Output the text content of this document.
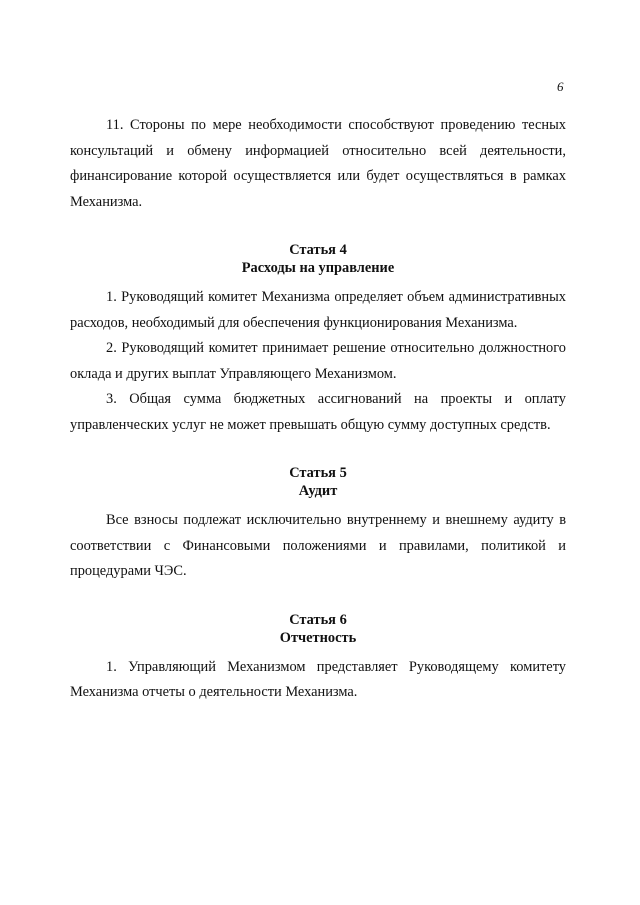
6

11. Стороны по мере необходимости способствуют проведению тесных консультаций и обмену информацией относительно всей деятельности, финансирование которой осуществляется или будет осуществляться в рамках Механизма.

Статья 4

Расходы на управление

1. Руководящий комитет Механизма определяет объем административных расходов, необходимый для обеспечения функционирования Механизма.

2. Руководящий комитет принимает решение относительно должностного оклада и других выплат Управляющего Механизмом.

3. Общая сумма бюджетных ассигнований на проекты и оплату управленческих услуг не может превышать общую сумму доступных средств.

Статья 5

Аудит

Все взносы подлежат исключительно внутреннему и внешнему аудиту в соответствии с Финансовыми положениями и правилами, политикой и процедурами ЧЭС.

Статья 6

Отчетность

1. Управляющий Механизмом представляет Руководящему комитету Механизма отчеты о деятельности Механизма.
